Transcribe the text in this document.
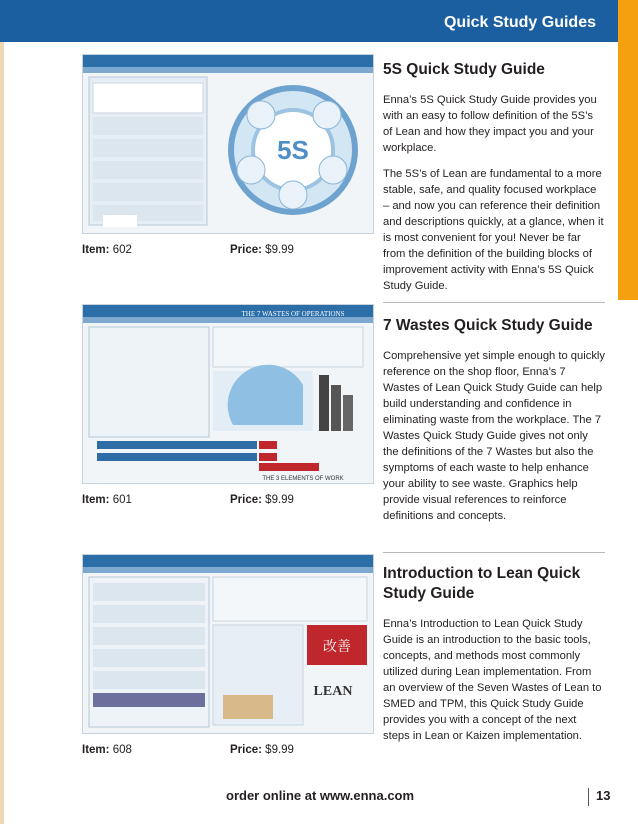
Quick Study Guides
5S
Item: 602	Price: $9.99
5S Quick Study Guide

Enna’s 5S Quick Study Guide provides you with an easy to follow definition of the 5S’s of Lean and how they impact you and your workplace.

The 5S’s of Lean are fundamental to a more stable, safe, and quality focused workplace – and now you can reference their definition and descriptions quickly, at a glance, when it is most convenient for you! Never be far from the definition of the building blocks of improvement activity with Enna’s 5S Quick Study Guide.

THE 3 ELEMENTS OF WORK
THE 7 WASTES OF OPERATIONS
Item: 601	Price: $9.99
7 Wastes Quick Study Guide

Comprehensive yet simple enough to quickly reference on the shop floor, Enna’s 7 Wastes of Lean Quick Study Guide can help build understanding and confidence in eliminating waste from the workplace. The 7 Wastes Quick Study Guide gives not only the definitions of the 7 Wastes but also the symptoms of each waste to help enhance your ability to see waste. Graphics help provide visual references to reinforce definitions and concepts.

改善
LEAN
Item: 608	Price: $9.99
Introduction to Lean Quick Study Guide

Enna’s Introduction to Lean Quick Study Guide is an introduction to the basic tools, concepts, and methods most commonly utilized during Lean implementation. From an overview of the Seven Wastes of Lean to SMED and TPM, this Quick Study Guide provides you with a concept of the next steps in Lean or Kaizen implementation.

order online at www.enna.com	13
